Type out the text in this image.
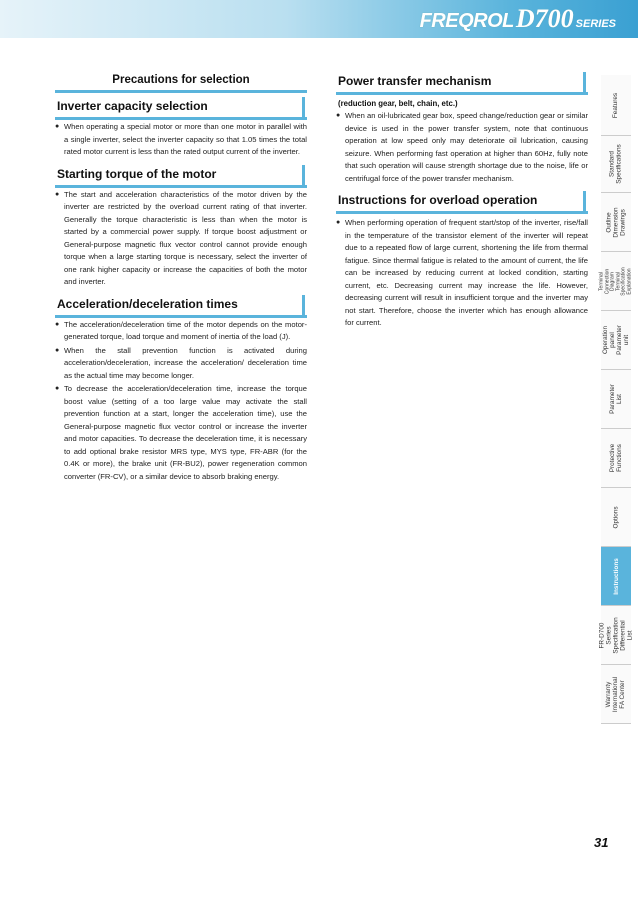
FREQROL D700 SERIES
Precautions for selection
Inverter capacity selection
● When operating a special motor or more than one motor in parallel with a single inverter, select the inverter capacity so that 1.05 times the total rated motor current is less than the rated output current of the inverter.
Starting torque of the motor
● The start and acceleration characteristics of the motor driven by the inverter are restricted by the overload current rating of that inverter. Generally the torque characteristic is less than when the motor is started by a commercial power supply. If torque boost adjustment or General-purpose magnetic flux vector control cannot provide enough torque when a large starting torque is necessary, select the inverter of one rank higher capacity or increase the capacities of both the motor and inverter.
Acceleration/deceleration times
● The acceleration/deceleration time of the motor depends on the motor-generated torque, load torque and moment of inertia of the load (J).
● When the stall prevention function is activated during acceleration/deceleration, increase the acceleration/ deceleration time as the actual time may become longer.
● To decrease the acceleration/deceleration time, increase the torque boost value (setting of a too large value may activate the stall prevention function at a start, longer the acceleration time), use the General-purpose magnetic flux vector control or increase the inverter and motor capacities. To decrease the deceleration time, it is necessary to add optional brake resistor MRS type, MYS type, FR-ABR (for the 0.4K or more), the brake unit (FR-BU2), power regeneration common converter (FR-CV), or a similar device to absorb braking energy.
Power transfer mechanism
(reduction gear, belt, chain, etc.)
● When an oil-lubricated gear box, speed change/reduction gear or similar device is used in the power transfer system, note that continuous operation at low speed only may deteriorate oil lubrication, causing seizure. When performing fast operation at higher than 60Hz, fully note that such operation will cause strength shortage due to the noise, life or centrifugal force of the power transfer mechanism.
Instructions for overload operation
● When performing operation of frequent start/stop of the inverter, rise/fall in the temperature of the transistor element of the inverter will repeat due to a repeated flow of large current, shortening the life from thermal fatigue. Since thermal fatigue is related to the amount of current, the life can be increased by reducing current at locked condition, starting current, etc. Decreasing current may increase the life. However, decreasing current will result in insufficient torque and the inverter may not start. Therefore, choose the inverter which has enough allowance for current.
Features
Standard Specifications
Outline Dimension Drawings
Terminal Connection Diagram Terminal Specification Explanation
Operation panel Parameter unit
Parameter List
Protective Functions
Options
Instructions
FR-D700 Series Specification Differential List
Warranty International FA Center
31
